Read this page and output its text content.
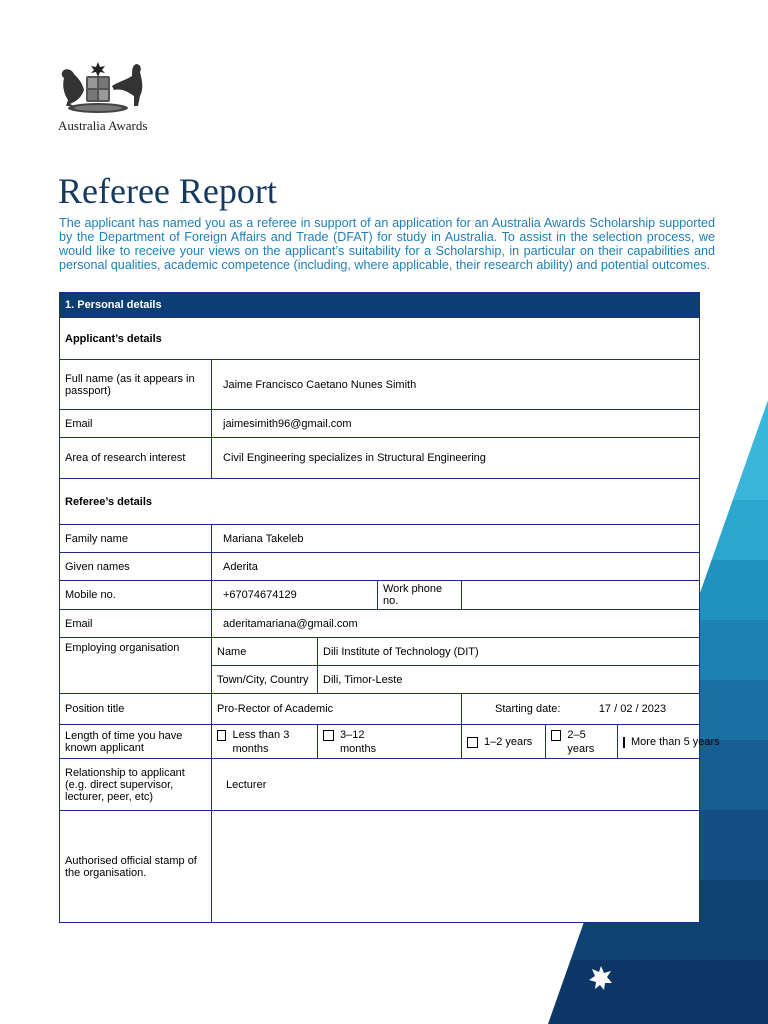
Australia Awards
Referee Report

The applicant has named you as a referee in support of an application for an Australia Awards Scholarship supported by the Department of Foreign Affairs and Trade (DFAT) for study in Australia. To assist in the selection process, we would like to receive your views on the applicant’s suitability for a Scholarship, in particular on their capabilities and personal qualities, academic competence (including, where applicable, their research ability) and potential outcomes.

1. Personal details						
Applicant’s details						
Full name (as it appears in passport)	Jaime Francisco Caetano Nunes Simith					
Email	jaimesimith96@gmail.com					
Area of research interest	Civil Engineering specializes in Structural Engineering					
Referee’s details						
Family name	Mariana Takeleb					
Given names	Aderita					
Mobile no.	+67074674129		Work phone no.			
Email	aderitamariana@gmail.com					
Employing organisation	Name	Dili Institute of Technology (DIT)				
	Town/City, Country	Dili, Timor-Leste				
Position title	Pro-Rector of Academic			Starting date: 17 / 02 / 2023		

Length of time you have known applicant	Less than 3 months	3–12 months		1–2 years	2–5 years	More than 5 years

Relationship to applicant (e.g. direct supervisor, lecturer, peer, etc)	Lecturer					
Authorised official stamp of the organisation.						
